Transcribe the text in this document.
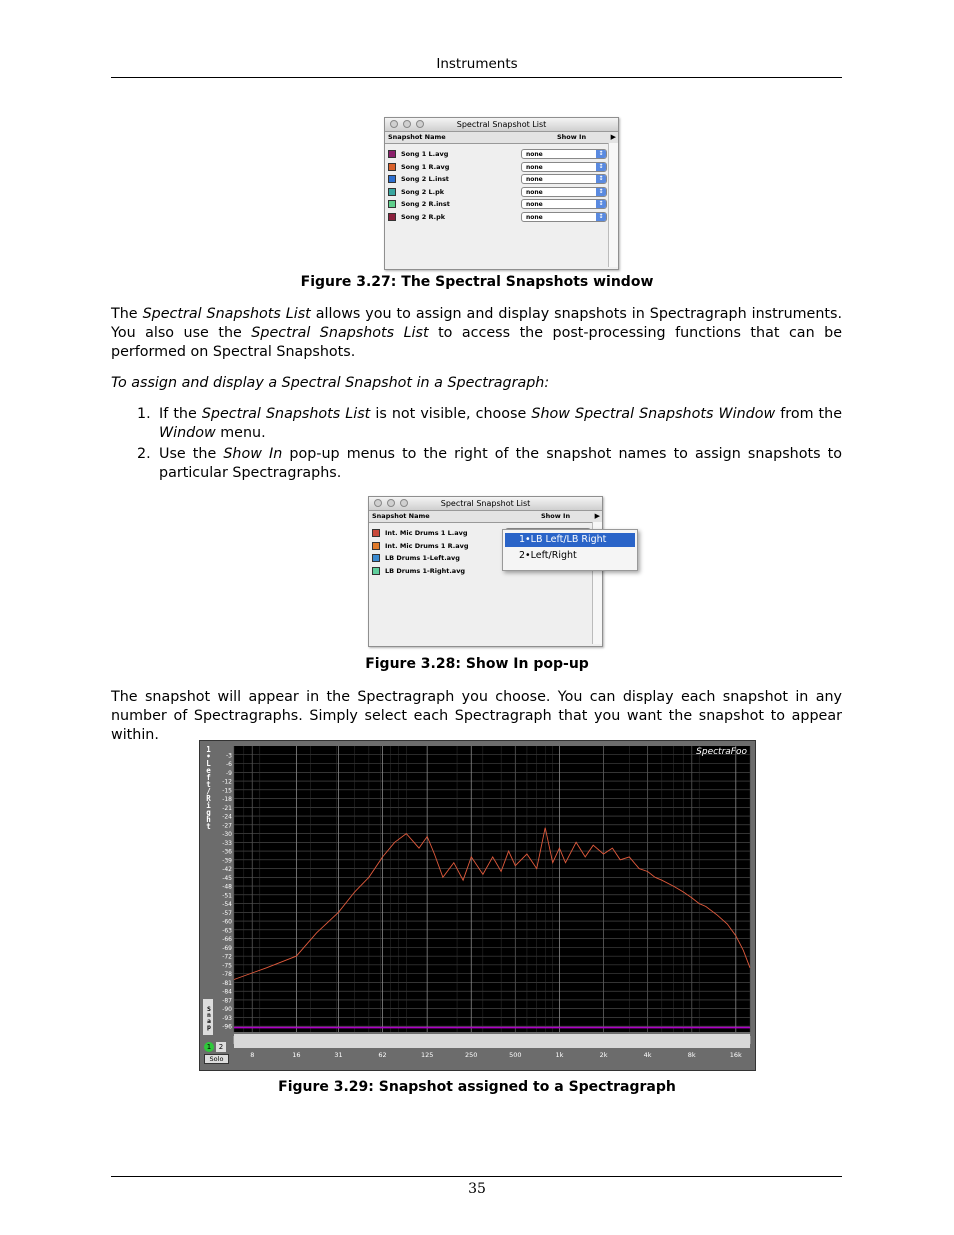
Instruments
Spectral Snapshot List
Snapshot Name	Show In	▶
Song 1 L.avg	none	↕
Song 1 R.avg	none	↕
Song 2 L.inst	none	↕
Song 2 L.pk	none	↕
Song 2 R.inst	none	↕
Song 2 R.pk	none	↕
Figure 3.27: The Spectral Snapshots window
The Spectral Snapshots List allows you to assign and display snapshots in Spectragraph instruments. You also use the Spectral Snapshots List to access the post-processing functions that can be performed on Spectral Snapshots.
To assign and display a Spectral Snapshot in a Spectragraph:
1. If the Spectral Snapshots List is not visible, choose Show Spectral Snapshots Window from the Window menu.
2. Use the Show In pop-up menus to the right of the snapshot names to assign snapshots to particular Spectragraphs.
Spectral Snapshot List
Snapshot Name	Show In	▶
Int. Mic Drums 1 L.avg
Int. Mic Drums 1 R.avg
LB Drums 1-Left.avg
LB Drums 1-Right.avg
1•LB Left/LB Right
2•Left/Right
Figure 3.28: Show In pop-up
The snapshot will appear in the Spectragraph you choose. You can display each snapshot in any number of Spectragraphs. Simply select each Spectragraph that you want the snapshot to appear within.
1•Left/Right
Snap
1	2
Solo
-3
-6
-9
-12
-15
-18
-21
-24
-27
-30
-33
-36
-39
-42
-45
-48
-51
-54
-57
-60
-63
-66
-69
-72
-75
-78
-81
-84
-87
-90
-93
-96
8	16	31	62	125	250	500	1k	2k	4k	8k	16k
SpectraFoo
Figure 3.29: Snapshot assigned to a Spectragraph
35
